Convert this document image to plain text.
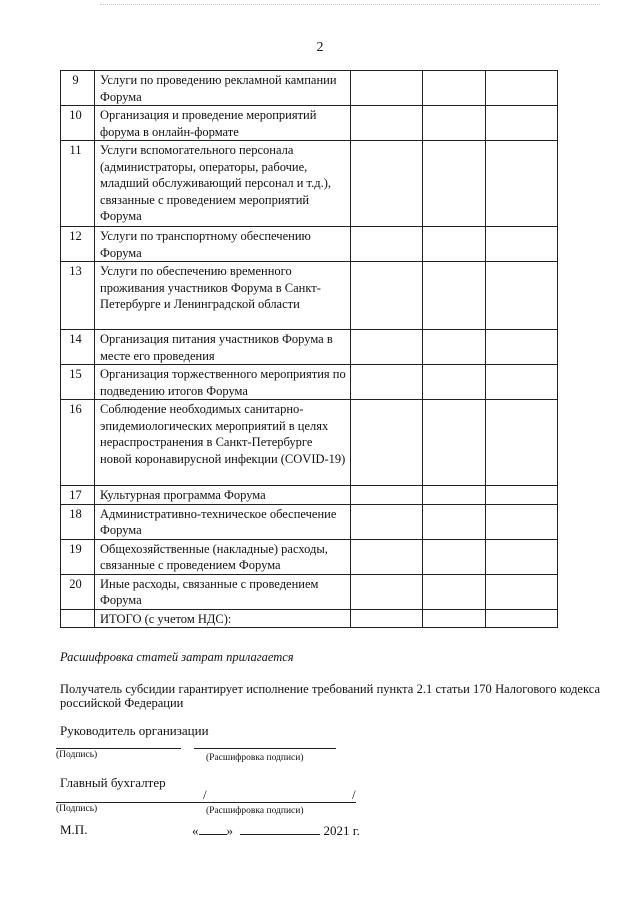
2
9	Услуги по проведению рекламной кампании Форума			
10	Организация и проведение мероприятий форума в онлайн-формате			
11	Услуги вспомогательного персонала (администраторы, операторы, рабочие, младший обслуживающий персонал и т.д.), связанные с проведением мероприятий Форума			
12	Услуги по транспортному обеспечению Форума			
13	Услуги по обеспечению временного проживания участников Форума в Санкт-Петербурге и Ленинградской области			
14	Организация питания участников Форума в месте его проведения			
15	Организация торжественного мероприятия по подведению итогов Форума			
16	Соблюдение необходимых санитарно-эпидемиологических мероприятий в целях нераспространения в Санкт-Петербурге новой коронавирусной инфекции (COVID-19)			
17	Культурная программа Форума			
18	Административно-техническое обеспечение Форума			
19	Общехозяйственные (накладные) расходы, связанные с проведением Форума			
20	Иные расходы, связанные с проведением Форума			
	ИТОГО (с учетом НДС):			
Расшифровка статей затрат прилагается
Получатель субсидии гарантирует исполнение требований пункта 2.1 статьи 170 Налогового кодекса российской Федерации
Руководитель организации
(Подпись)	(Расшифровка подписи)
Главный бухгалтер
/	/
(Подпись)	(Расшифровка подписи)
М.П.	« »	2021 г.
